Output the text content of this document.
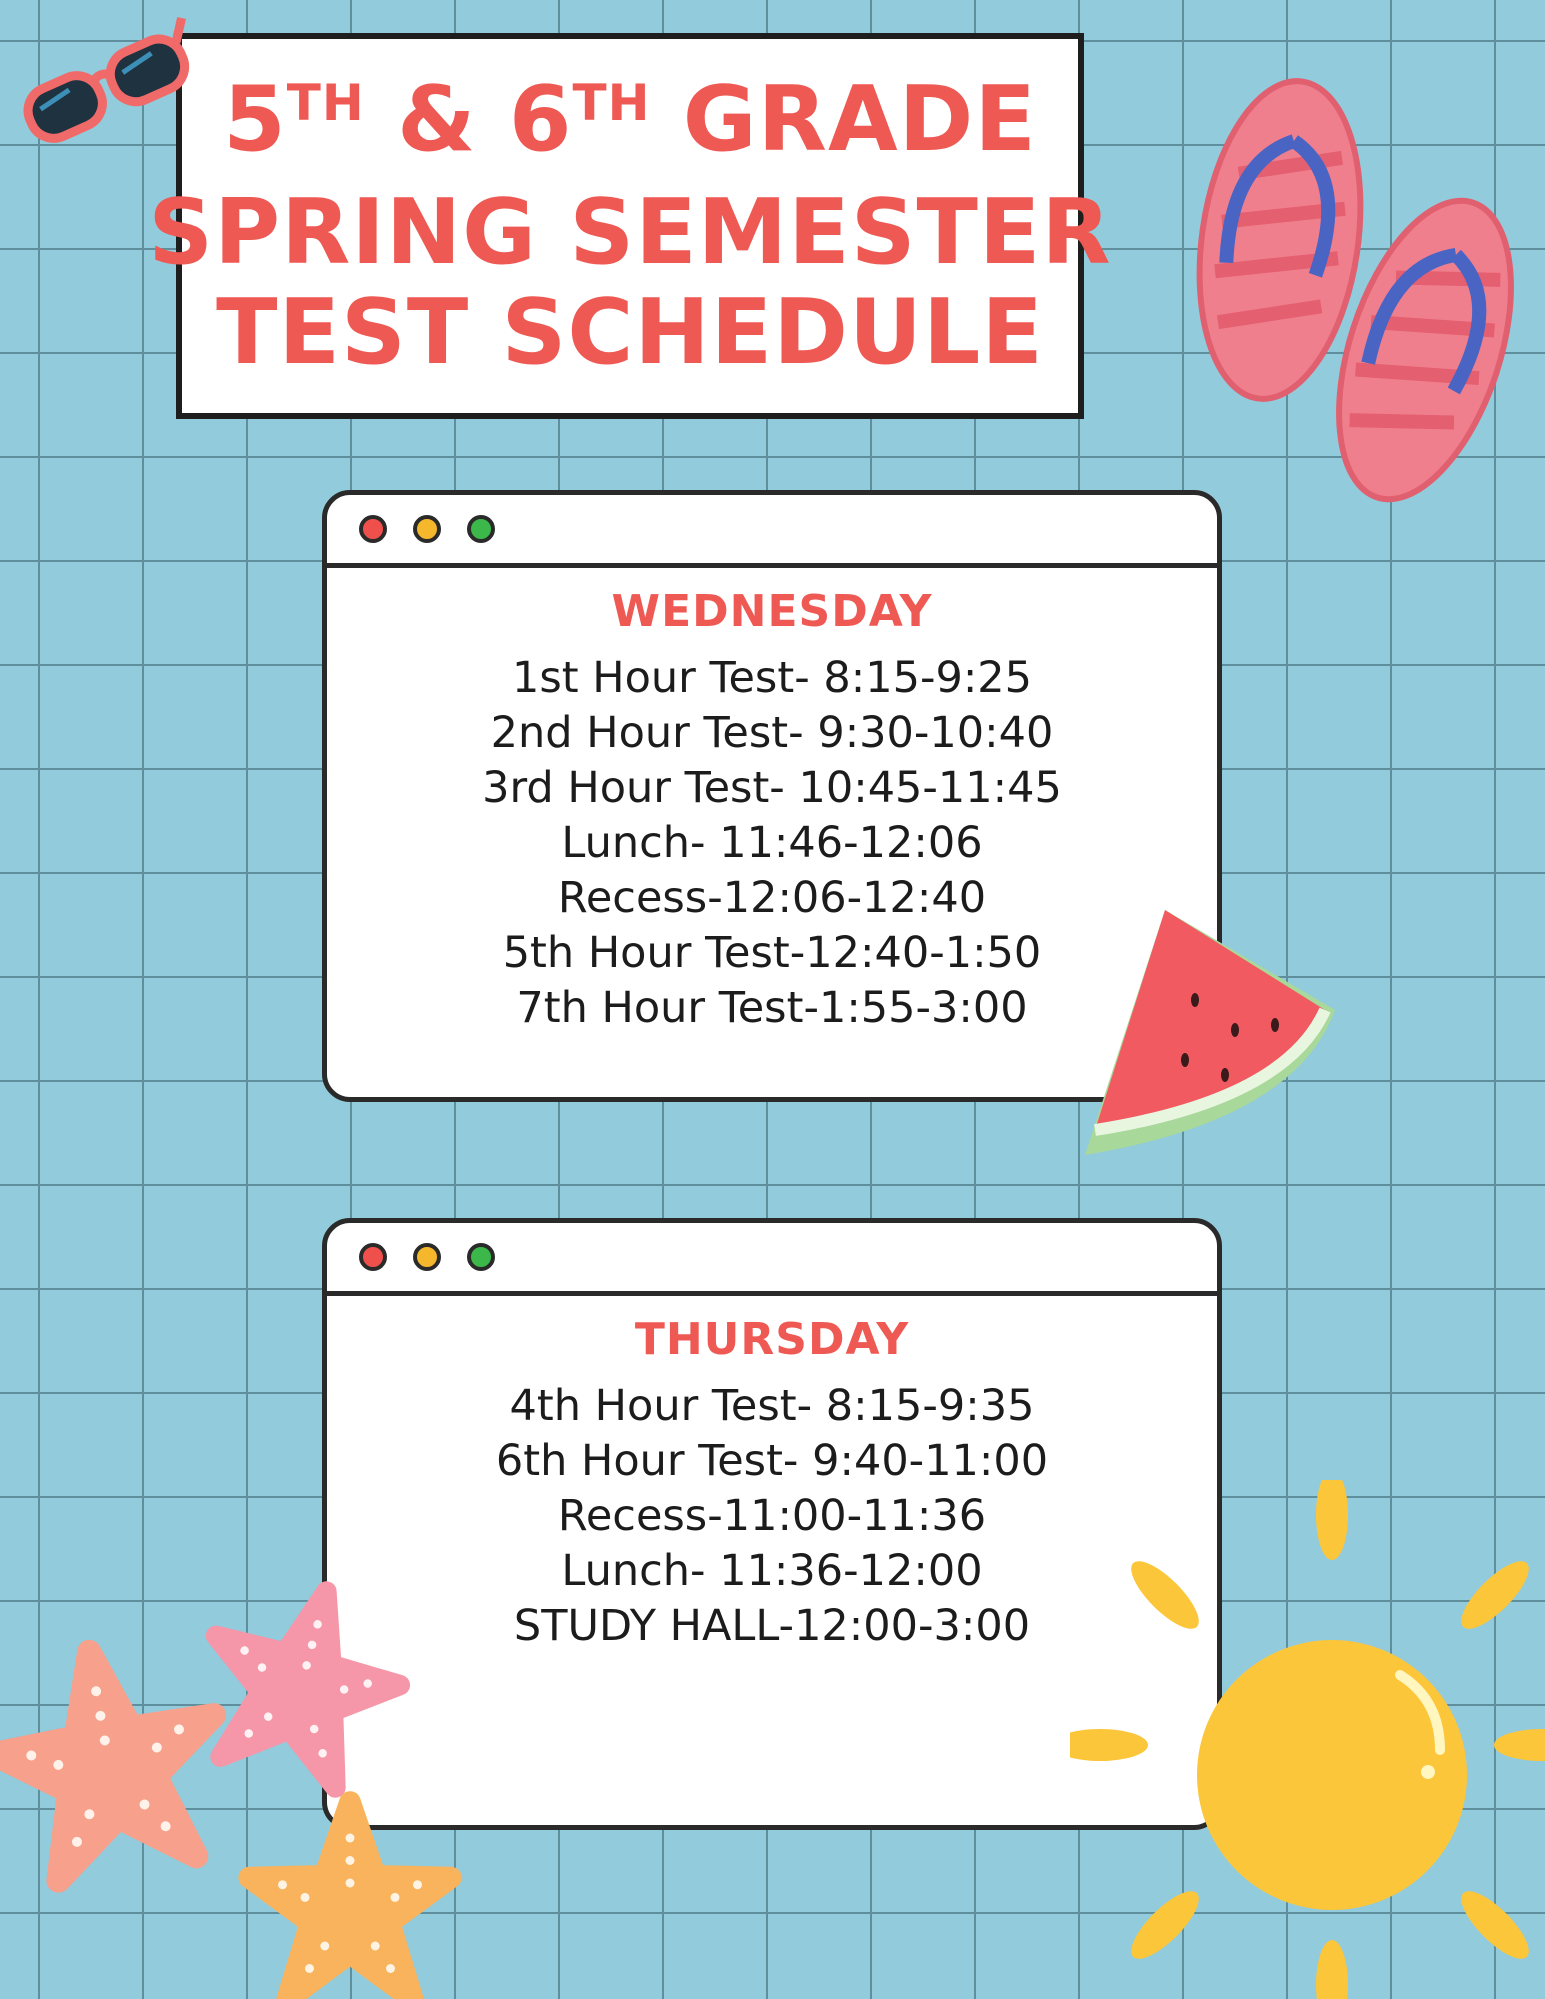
5TH & 6TH GRADE
SPRING SEMESTER
TEST SCHEDULE
WEDNESDAY
1st Hour Test- 8:15-9:25
2nd Hour Test- 9:30-10:40
3rd Hour Test- 10:45-11:45
Lunch- 11:46-12:06
Recess-12:06-12:40
5th Hour Test-12:40-1:50
7th Hour Test-1:55-3:00
THURSDAY
4th Hour Test- 8:15-9:35
6th Hour Test- 9:40-11:00
Recess-11:00-11:36
Lunch- 11:36-12:00
STUDY HALL-12:00-3:00
